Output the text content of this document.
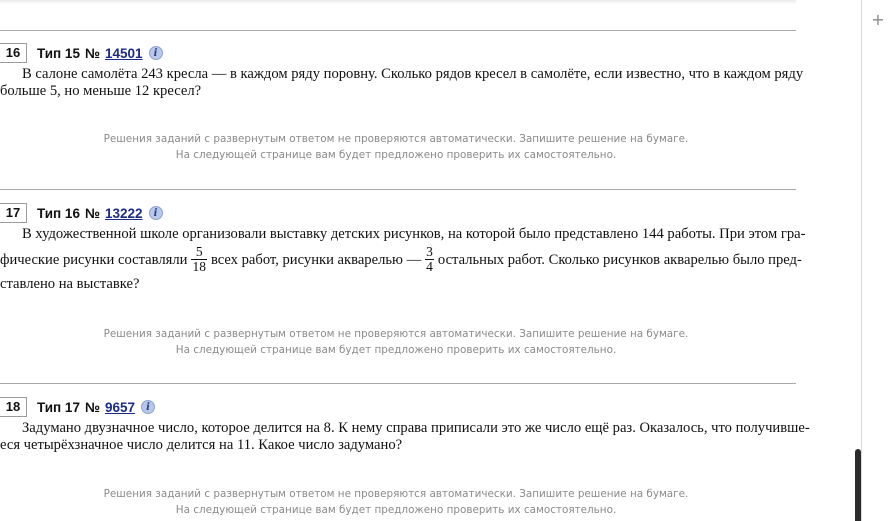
16	Тип 15 № 14501	i
В салоне самолёта 243 кресла — в каждом ряду поровну. Сколько рядов кресел в самолёте, если известно, что в каждом ряду
больше 5, но меньше 12 кресел?
Решения заданий с развернутым ответом не проверяются автоматически. Запишите решение на бумаге.
На следующей странице вам будет предложено проверить их самостоятельно.
17	Тип 16 № 13222	i
В художественной школе организовали выставку детских рисунков, на которой было представлено 144 работы. При этом гра-
фические рисунки составляли $\frac{5}{18}$ всех работ, рисунки акварелью — $\frac{3}{4}$ остальных работ. Сколько рисунков акварелью было пред-
ставлено на выставке?
Решения заданий с развернутым ответом не проверяются автоматически. Запишите решение на бумаге.
На следующей странице вам будет предложено проверить их самостоятельно.
18	Тип 17 № 9657	i
Задумано двузначное число, которое делится на 8. К нему справа приписали это же число ещё раз. Оказалось, что получивше-
еся четырёхзначное число делится на 11. Какое число задумано?
Решения заданий с развернутым ответом не проверяются автоматически. Запишите решение на бумаге.
На следующей странице вам будет предложено проверить их самостоятельно.
+
